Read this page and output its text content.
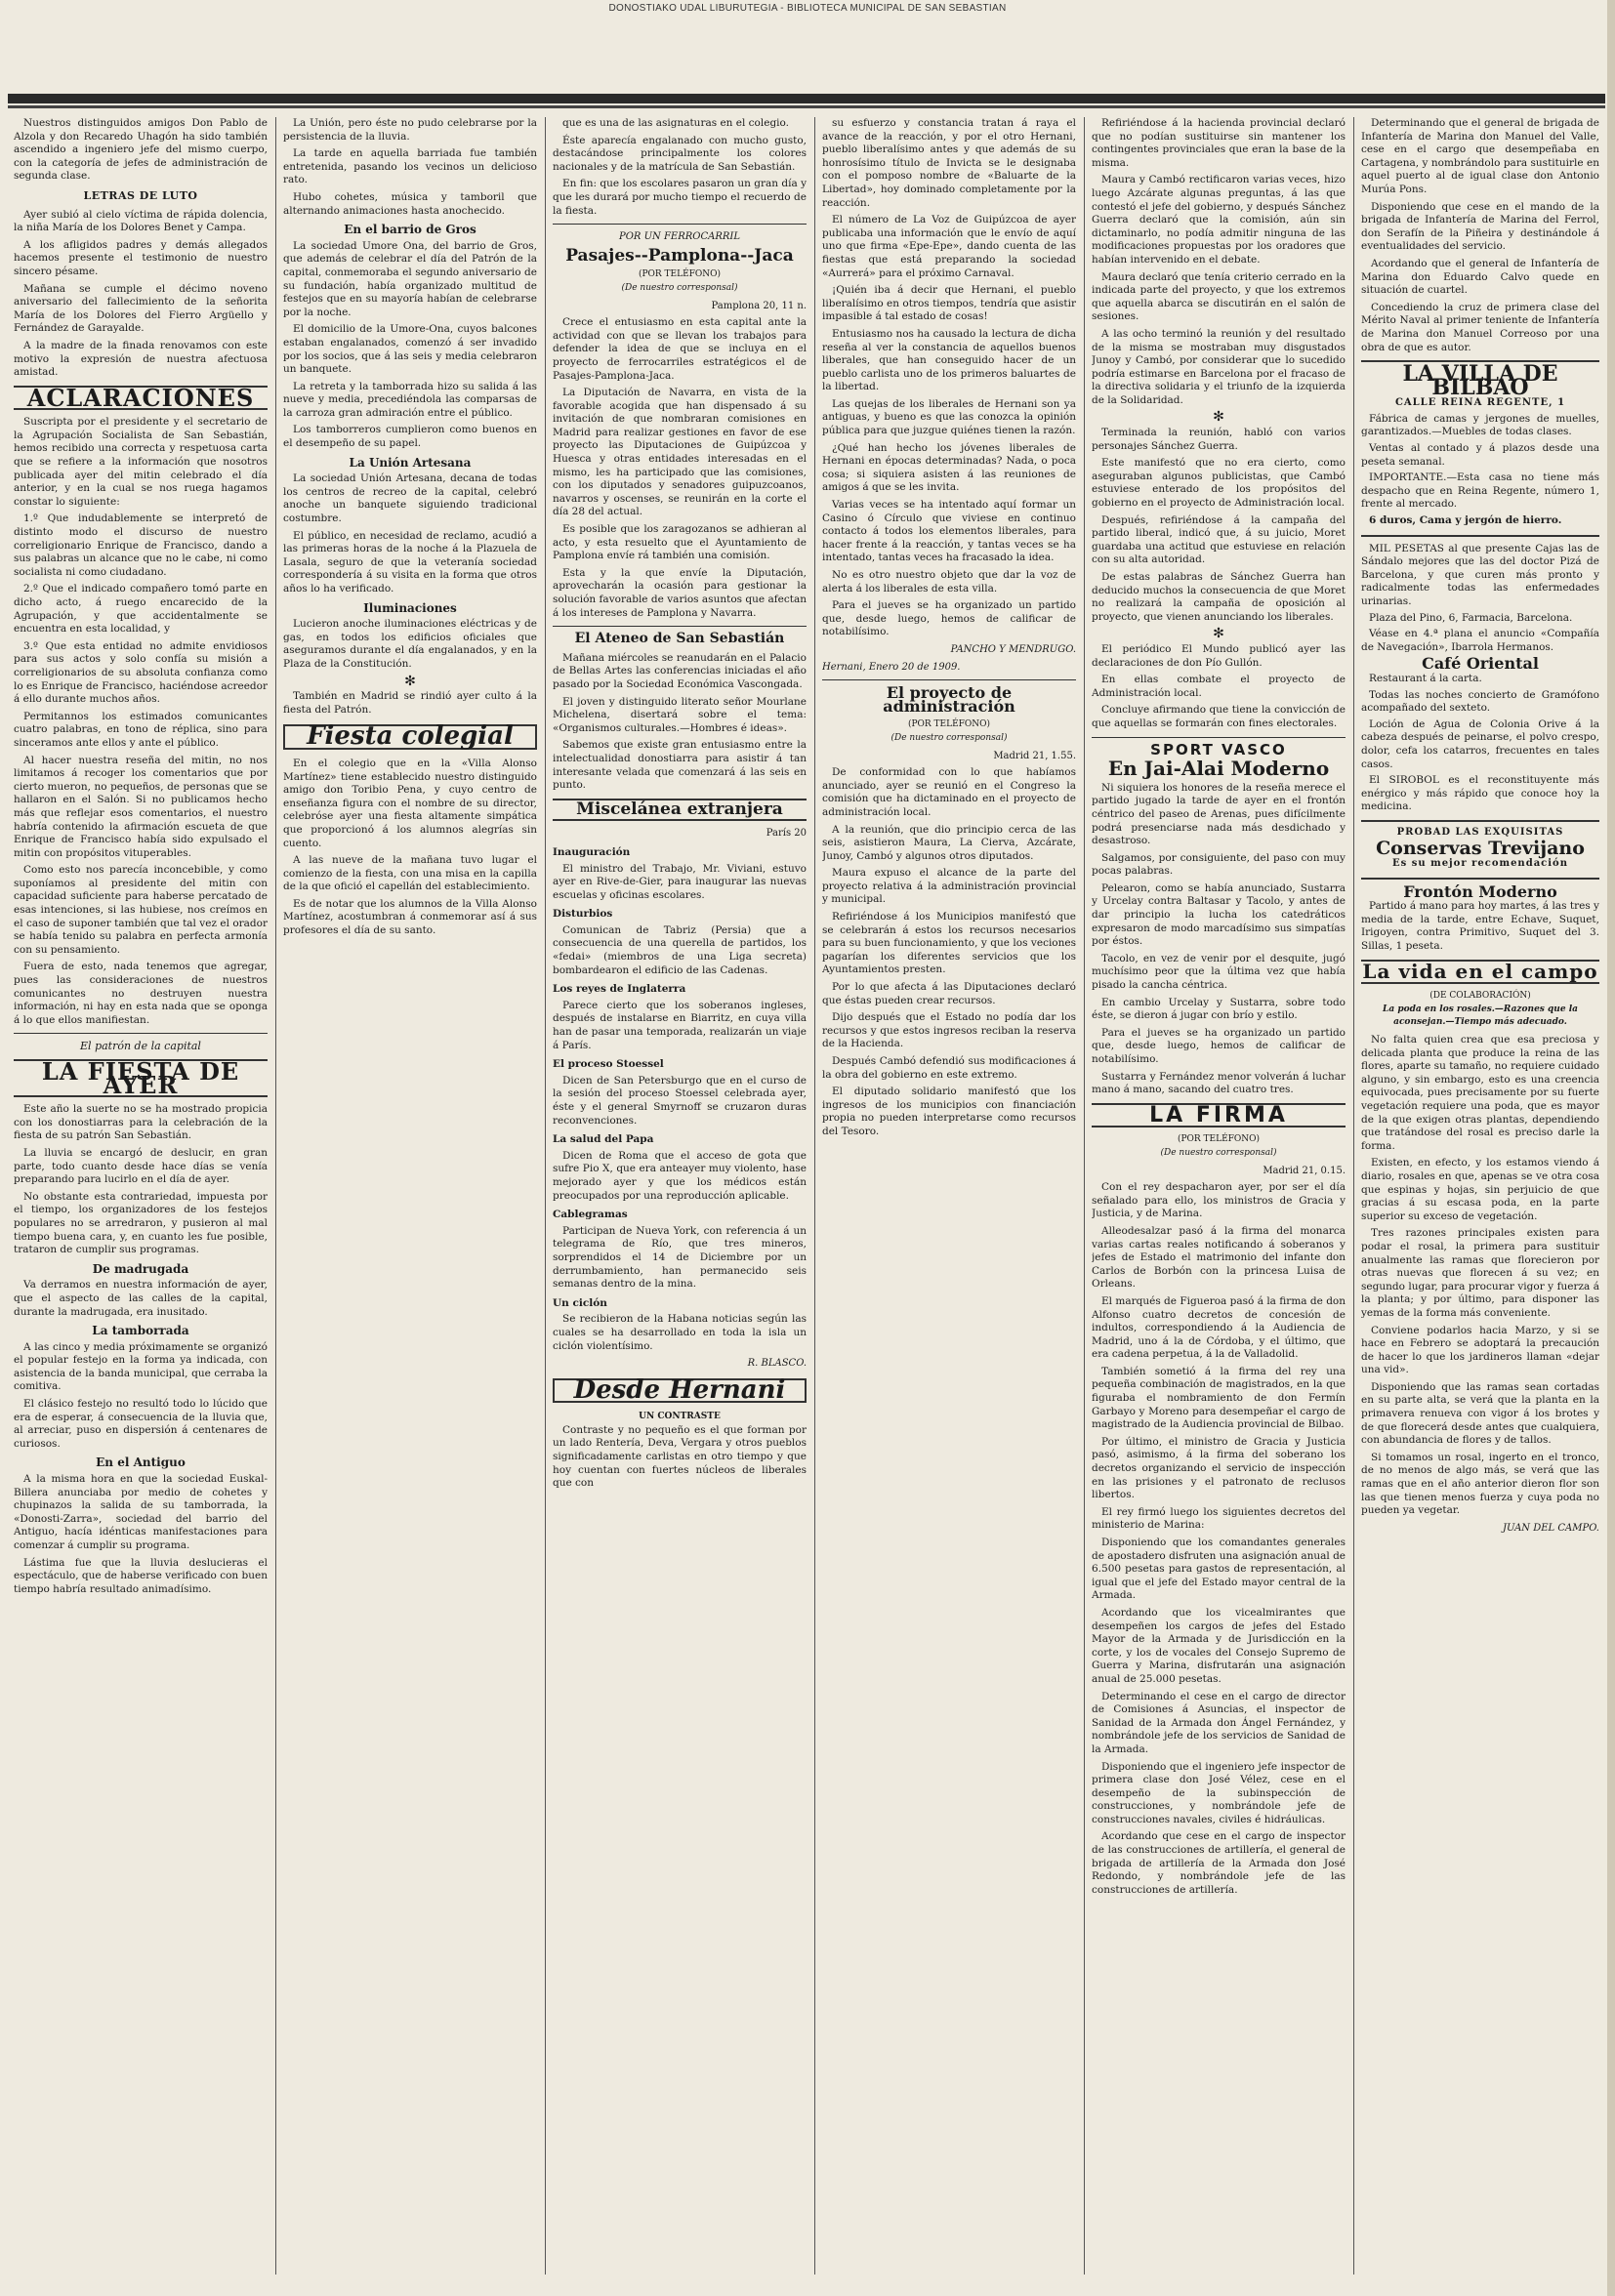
DONOSTIAKO UDAL LIBURUTEGIA - BIBLIOTECA MUNICIPAL DE SAN SEBASTIAN

Nuestros distinguidos amigos Don Pablo de Alzola y don Recaredo Uhagón ha sido también ascendido a ingeniero jefe del mismo cuerpo, con la categoría de jefes de administración de segunda clase.

LETRAS DE LUTO

Ayer subió al cielo víctima de rápida dolencia, la niña María de los Dolores Benet y Campa.

A los afligidos padres y demás allegados hacemos presente el testimonio de nuestro sincero pésame.

Mañana se cumple el décimo noveno aniversario del fallecimiento de la señorita María de los Dolores del Fierro Argüello y Fernández de Garayalde.

A la madre de la finada renovamos con este motivo la expresión de nuestra afectuosa amistad.

ACLARACIONES

Suscripta por el presidente y el secretario de la Agrupación Socialista de San Sebastián, hemos recibido una correcta y respetuosa carta que se refiere a la información que nosotros publicada ayer del mitin celebrado el día anterior, y en la cual se nos ruega hagamos constar lo siguiente:

1.º Que indudablemente se interpretó de distinto modo el discurso de nuestro correligionario Enrique de Francisco, dando a sus palabras un alcance que no le cabe, ni como socialista ni como ciudadano.

2.º Que el indicado compañero tomó parte en dicho acto, á ruego encarecido de la Agrupación, y que accidentalmente se encuentra en esta localidad, y

3.º Que esta entidad no admite envidiosos para sus actos y solo confía su misión a correligionarios de su absoluta confianza como lo es Enrique de Francisco, haciéndose acreedor á ello durante muchos años.

Permitannos los estimados comunicantes cuatro palabras, en tono de réplica, sino para sinceramos ante ellos y ante el público.

Al hacer nuestra reseña del mitin, no nos limitamos á recoger los comentarios que por cierto mueron, no pequeños, de personas que se hallaron en el Salón. Si no publicamos hecho más que reflejar esos comentarios, el nuestro habría contenido la afirmación escueta de que Enrique de Francisco había sido expulsado el mitin con propósitos vituperables.

Como esto nos parecía inconcebible, y como suponíamos al presidente del mitin con capacidad suficiente para haberse percatado de esas intenciones, si las hubiese, nos creímos en el caso de suponer también que tal vez el orador se había tenido su palabra en perfecta armonía con su pensamiento.

Fuera de esto, nada tenemos que agregar, pues las consideraciones de nuestros comunicantes no destruyen nuestra información, ni hay en esta nada que se oponga á lo que ellos manifiestan.

El patrón de la capital
LA FIESTA DE AYER

Este año la suerte no se ha mostrado propicia con los donostiarras para la celebración de la fiesta de su patrón San Sebastián.

La lluvia se encargó de deslucir, en gran parte, todo cuanto desde hace días se venía preparando para lucirlo en el día de ayer.

No obstante esta contrariedad, impuesta por el tiempo, los organizadores de los festejos populares no se arredraron, y pusieron al mal tiempo buena cara, y, en cuanto les fue posible, trataron de cumplir sus programas.

De madrugada

Va derramos en nuestra información de ayer, que el aspecto de las calles de la capital, durante la madrugada, era inusitado.

La tamborrada

A las cinco y media próximamente se organizó el popular festejo en la forma ya indicada, con asistencia de la banda municipal, que cerraba la comitiva.

El clásico festejo no resultó todo lo lúcido que era de esperar, á consecuencia de la lluvia que, al arreciar, puso en dispersión á centenares de curiosos.

En el Antiguo

A la misma hora en que la sociedad Euskal-Billera anunciaba por medio de cohetes y chupinazos la salida de su tamborrada, la «Donosti-Zarra», sociedad del barrio del Antiguo, hacía idénticas manifestaciones para comenzar á cumplir su programa.

Lástima fue que la lluvia deslucieras el espectáculo, que de haberse verificado con buen tiempo habría resultado animadísimo.

La Unión, pero éste no pudo celebrarse por la persistencia de la lluvia.

La tarde en aquella barriada fue también entretenida, pasando los vecinos un delicioso rato.

Hubo cohetes, música y tamboril que alternando animaciones hasta anochecido.

En el barrio de Gros

La sociedad Umore Ona, del barrio de Gros, que además de celebrar el día del Patrón de la capital, conmemoraba el segundo aniversario de su fundación, había organizado multitud de festejos que en su mayoría habían de celebrarse por la noche.

El domicilio de la Umore-Ona, cuyos balcones estaban engalanados, comenzó á ser invadido por los socios, que á las seis y media celebraron un banquete.

La retreta y la tamborrada hizo su salida á las nueve y media, precediéndola las comparsas de la carroza gran admiración entre el público.

Los tamborreros cumplieron como buenos en el desempeño de su papel.

La Unión Artesana

La sociedad Unión Artesana, decana de todas los centros de recreo de la capital, celebró anoche un banquete siguiendo tradicional costumbre.

El público, en necesidad de reclamo, acudió a las primeras horas de la noche á la Plazuela de Lasala, seguro de que la veteranía sociedad correspondería á su visita en la forma que otros años lo ha verificado.

Iluminaciones

Lucieron anoche iluminaciones eléctricas y de gas, en todos los edificios oficiales que aseguramos durante el día engalanados, y en la Plaza de la Constitución.

✻

También en Madrid se rindió ayer culto á la fiesta del Patrón.

Fiesta colegial

En el colegio que en la «Villa Alonso Martínez» tiene establecido nuestro distinguido amigo don Toribio Pena, y cuyo centro de enseñanza figura con el nombre de su director, celebróse ayer una fiesta altamente simpática que proporcionó á los alumnos alegrías sin cuento.

A las nueve de la mañana tuvo lugar el comienzo de la fiesta, con una misa en la capilla de la que ofició el capellán del establecimiento.

Es de notar que los alumnos de la Villa Alonso Martínez, acostumbran á conmemorar así á sus profesores el día de su santo.

que es una de las asignaturas en el colegio.

Éste aparecía engalanado con mucho gusto, destacándose principalmente los colores nacionales y de la matrícula de San Sebastián.

En fin: que los escolares pasaron un gran día y que les durará por mucho tiempo el recuerdo de la fiesta.

POR UN FERROCARRIL
Pasajes--Pamplona--Jaca
(POR TELÉFONO)
(De nuestro corresponsal)
Pamplona 20, 11 n.

Crece el entusiasmo en esta capital ante la actividad con que se llevan los trabajos para defender la idea de que se incluya en el proyecto de ferrocarriles estratégicos el de Pasajes-Pamplona-Jaca.

La Diputación de Navarra, en vista de la favorable acogida que han dispensado á su invitación de que nombraran comisiones en Madrid para realizar gestiones en favor de ese proyecto las Diputaciones de Guipúzcoa y Huesca y otras entidades interesadas en el mismo, les ha participado que las comisiones, con los diputados y senadores guipuzcoanos, navarros y oscenses, se reunirán en la corte el día 28 del actual.

Es posible que los zaragozanos se adhieran al acto, y esta resuelto que el Ayuntamiento de Pamplona envíe rá también una comisión.

Esta y la que envíe la Diputación, aprovecharán la ocasión para gestionar la solución favorable de varios asuntos que afectan á los intereses de Pamplona y Navarra.

El Ateneo de San Sebastián

Mañana miércoles se reanudarán en el Palacio de Bellas Artes las conferencias iniciadas el año pasado por la Sociedad Económica Vascongada.

El joven y distinguido literato señor Mourlane Michelena, disertará sobre el tema: «Organismos culturales.—Hombres é ideas».

Sabemos que existe gran entusiasmo entre la intelectualidad donostiarra para asistir á tan interesante velada que comenzará á las seis en punto.

Miscelánea extranjera
París 20
Inauguración

El ministro del Trabajo, Mr. Viviani, estuvo ayer en Rive-de-Gier, para inaugurar las nuevas escuelas y oficinas escolares.

Disturbios

Comunican de Tabriz (Persia) que a consecuencia de una querella de partidos, los «fedai» (miembros de una Liga secreta) bombardearon el edificio de las Cadenas.

Los reyes de Inglaterra

Parece cierto que los soberanos ingleses, después de instalarse en Biarritz, en cuya villa han de pasar una temporada, realizarán un viaje á París.

El proceso Stoessel

Dicen de San Petersburgo que en el curso de la sesión del proceso Stoessel celebrada ayer, éste y el general Smyrnoff se cruzaron duras reconvenciones.

La salud del Papa

Dicen de Roma que el acceso de gota que sufre Pio X, que era anteayer muy violento, hase mejorado ayer y que los médicos están preocupados por una reproducción aplicable.

Cablegramas

Participan de Nueva York, con referencia á un telegrama de Río, que tres mineros, sorprendidos el 14 de Diciembre por un derrumbamiento, han permanecido seis semanas dentro de la mina.

Un ciclón

Se recibieron de la Habana noticias según las cuales se ha desarrollado en toda la isla un ciclón violentísimo.

R. BLASCO.
Desde Hernani
UN CONTRASTE

Contraste y no pequeño es el que forman por un lado Rentería, Deva, Vergara y otros pueblos significadamente carlistas en otro tiempo y que hoy cuentan con fuertes núcleos de liberales que con

su esfuerzo y constancia tratan á raya el avance de la reacción, y por el otro Hernani, pueblo liberalísimo antes y que además de su honrosísimo título de Invicta se le designaba con el pomposo nombre de «Baluarte de la Libertad», hoy dominado completamente por la reacción.

El número de La Voz de Guipúzcoa de ayer publicaba una información que le envío de aquí uno que firma «Epe-Epe», dando cuenta de las fiestas que está preparando la sociedad «Aurrerá» para el próximo Carnaval.

¡Quién iba á decir que Hernani, el pueblo liberalísimo en otros tiempos, tendría que asistir impasible á tal estado de cosas!

Entusiasmo nos ha causado la lectura de dicha reseña al ver la constancia de aquellos buenos liberales, que han conseguido hacer de un pueblo carlista uno de los primeros baluartes de la libertad.

Las quejas de los liberales de Hernani son ya antiguas, y bueno es que las conozca la opinión pública para que juzgue quiénes tienen la razón.

¿Qué han hecho los jóvenes liberales de Hernani en épocas determinadas? Nada, o poca cosa; si siquiera asisten á las reuniones de amigos á que se les invita.

Varias veces se ha intentado aquí formar un Casino ó Círculo que viviese en continuo contacto á todos los elementos liberales, para hacer frente á la reacción, y tantas veces se ha intentado, tantas veces ha fracasado la idea.

No es otro nuestro objeto que dar la voz de alerta á los liberales de esta villa.

Para el jueves se ha organizado un partido que, desde luego, hemos de calificar de notabilísimo.

PANCHO Y MENDRUGO.
Hernani, Enero 20 de 1909.
El proyecto de administración
(POR TELÉFONO)
(De nuestro corresponsal)
Madrid 21, 1.55.

De conformidad con lo que habíamos anunciado, ayer se reunió en el Congreso la comisión que ha dictaminado en el proyecto de administración local.

A la reunión, que dio principio cerca de las seis, asistieron Maura, La Cierva, Azcárate, Junoy, Cambó y algunos otros diputados.

Maura expuso el alcance de la parte del proyecto relativa á la administración provincial y municipal.

Refiriéndose á los Municipios manifestó que se celebrarán á estos los recursos necesarios para su buen funcionamiento, y que los veciones pagarían los diferentes servicios que los Ayuntamientos presten.

Por lo que afecta á las Diputaciones declaró que éstas pueden crear recursos.

Dijo después que el Estado no podía dar los recursos y que estos ingresos reciban la reserva de la Hacienda.

Después Cambó defendió sus modificaciones á la obra del gobierno en este extremo.

El diputado solidario manifestó que los ingresos de los municipios con financiación propia no pueden interpretarse como recursos del Tesoro.

Refiriéndose á la hacienda provincial declaró que no podían sustituirse sin mantener los contingentes provinciales que eran la base de la misma.

Maura y Cambó rectificaron varias veces, hizo luego Azcárate algunas preguntas, á las que contestó el jefe del gobierno, y después Sánchez Guerra declaró que la comisión, aún sin dictaminarlo, no podía admitir ninguna de las modificaciones propuestas por los oradores que habían intervenido en el debate.

Maura declaró que tenía criterio cerrado en la indicada parte del proyecto, y que los extremos que aquella abarca se discutirán en el salón de sesiones.

A las ocho terminó la reunión y del resultado de la misma se mostraban muy disgustados Junoy y Cambó, por considerar que lo sucedido podría estimarse en Barcelona por el fracaso de la directiva solidaria y el triunfo de la izquierda de la Solidaridad.

✻

Terminada la reunión, habló con varios personajes Sánchez Guerra.

Este manifestó que no era cierto, como aseguraban algunos publicistas, que Cambó estuviese enterado de los propósitos del gobierno en el proyecto de Administración local.

Después, refiriéndose á la campaña del partido liberal, indicó que, á su juicio, Moret guardaba una actitud que estuviese en relación con su alta autoridad.

De estas palabras de Sánchez Guerra han deducido muchos la consecuencia de que Moret no realizará la campaña de oposición al proyecto, que vienen anunciando los liberales.

✻

El periódico El Mundo publicó ayer las declaraciones de don Pío Gullón.

En ellas combate el proyecto de Administración local.

Concluye afirmando que tiene la convicción de que aquellas se formarán con fines electorales.

SPORT VASCO
En Jai-Alai Moderno

Ni siquiera los honores de la reseña merece el partido jugado la tarde de ayer en el frontón céntrico del paseo de Arenas, pues difícilmente podrá presenciarse nada más desdichado y desastroso.

Salgamos, por consiguiente, del paso con muy pocas palabras.

Pelearon, como se había anunciado, Sustarra y Urcelay contra Baltasar y Tacolo, y antes de dar principio la lucha los catedráticos expresaron de modo marcadísimo sus simpatías por éstos.

Tacolo, en vez de venir por el desquite, jugó muchísimo peor que la última vez que había pisado la cancha céntrica.

En cambio Urcelay y Sustarra, sobre todo éste, se dieron á jugar con brío y estilo.

Para el jueves se ha organizado un partido que, desde luego, hemos de calificar de notabilísimo.

Sustarra y Fernández menor volverán á luchar mano á mano, sacando del cuatro tres.

LA FIRMA
(POR TELÉFONO)
(De nuestro corresponsal)
Madrid 21, 0.15.

Con el rey despacharon ayer, por ser el día señalado para ello, los ministros de Gracia y Justicia, y de Marina.

Alleodesalzar pasó á la firma del monarca varias cartas reales notificando á soberanos y jefes de Estado el matrimonio del infante don Carlos de Borbón con la princesa Luisa de Orleans.

El marqués de Figueroa pasó á la firma de don Alfonso cuatro decretos de concesión de indultos, correspondiendo á la Audiencia de Madrid, uno á la de Córdoba, y el último, que era cadena perpetua, á la de Valladolid.

También sometió á la firma del rey una pequeña combinación de magistrados, en la que figuraba el nombramiento de don Fermín Garbayo y Moreno para desempeñar el cargo de magistrado de la Audiencia provincial de Bilbao.

Por último, el ministro de Gracia y Justicia pasó, asimismo, á la firma del soberano los decretos organizando el servicio de inspección en las prisiones y el patronato de reclusos libertos.

El rey firmó luego los siguientes decretos del ministerio de Marina:

Disponiendo que los comandantes generales de apostadero disfruten una asignación anual de 6.500 pesetas para gastos de representación, al igual que el jefe del Estado mayor central de la Armada.

Acordando que los vicealmirantes que desempeñen los cargos de jefes del Estado Mayor de la Armada y de Jurisdicción en la corte, y los de vocales del Consejo Supremo de Guerra y Marina, disfrutarán una asignación anual de 25.000 pesetas.

Determinando el cese en el cargo de director de Comisiones á Asuncias, el inspector de Sanidad de la Armada don Ángel Fernández, y nombrándole jefe de los servicios de Sanidad de la Armada.

Disponiendo que el ingeniero jefe inspector de primera clase don José Vélez, cese en el desempeño de la subinspección de construcciones, y nombrándole jefe de construcciones navales, civiles é hidráulicas.

Acordando que cese en el cargo de inspector de las construcciones de artillería, el general de brigada de artillería de la Armada don José Redondo, y nombrándole jefe de las construcciones de artillería.

Determinando que el general de brigada de Infantería de Marina don Manuel del Valle, cese en el cargo que desempeñaba en Cartagena, y nombrándolo para sustituirle en aquel puerto al de igual clase don Antonio Murúa Pons.

Disponiendo que cese en el mando de la brigada de Infantería de Marina del Ferrol, don Serafín de la Piñeira y destinándole á eventualidades del servicio.

Acordando que el general de Infantería de Marina don Eduardo Calvo quede en situación de cuartel.

Concediendo la cruz de primera clase del Mérito Naval al primer teniente de Infantería de Marina don Manuel Correoso por una obra de que es autor.

LA VILLA DE BILBAO
CALLE REINA REGENTE, 1
Fábrica de camas y jergones de muelles, garantizados.—Muebles de todas clases.
Ventas al contado y á plazos desde una peseta semanal.
IMPORTANTE.—Esta casa no tiene más despacho que en Reina Regente, número 1, frente al mercado.
6 duros, Cama y jergón de hierro.
MIL PESETAS al que presente Cajas las de Sándalo mejores que las del doctor Pizá de Barcelona, y que curen más pronto y radicalmente todas las enfermedades urinarias.
Plaza del Pino, 6, Farmacia, Barcelona.
Véase en 4.ª plana el anuncio «Compañía de Navegación», Ibarrola Hermanos.
Café Oriental
Restaurant á la carta.
Todas las noches concierto de Gramófono acompañado del sexteto.
Loción de Agua de Colonia Orive á la cabeza después de peinarse, el polvo crespo, dolor, cefa los catarros, frecuentes en tales casos.
El SIROBOL es el reconstituyente más enérgico y más rápido que conoce hoy la medicina.
PROBAD LAS EXQUISITAS
Conservas Trevijano
Es su mejor recomendación
Frontón Moderno
Partido á mano para hoy martes, á las tres y media de la tarde, entre Echave, Suquet, Irigoyen, contra Primitivo, Suquet del 3. Sillas, 1 peseta.
La vida en el campo
(DE COLABORACIÓN)
La poda en los rosales.—Razones que la aconsejan.—Tiempo más adecuado.

No falta quien crea que esa preciosa y delicada planta que produce la reina de las flores, aparte su tamaño, no requiere cuidado alguno, y sin embargo, esto es una creencia equivocada, pues precisamente por su fuerte vegetación requiere una poda, que es mayor de la que exigen otras plantas, dependiendo que tratándose del rosal es preciso darle la forma.

Existen, en efecto, y los estamos viendo á diario, rosales en que, apenas se ve otra cosa que espinas y hojas, sin perjuicio de que gracias á su escasa poda, en la parte superior su exceso de vegetación.

Tres razones principales existen para podar el rosal, la primera para sustituir anualmente las ramas que florecieron por otras nuevas que florecen á su vez; en segundo lugar, para procurar vigor y fuerza á la planta; y por último, para disponer las yemas de la forma más conveniente.

Conviene podarlos hacia Marzo, y si se hace en Febrero se adoptará la precaución de hacer lo que los jardineros llaman «dejar una vid».

Disponiendo que las ramas sean cortadas en su parte alta, se verá que la planta en la primavera renueva con vigor á los brotes y de que florecerá desde antes que cualquiera, con abundancia de flores y de tallos.

Si tomamos un rosal, ingerto en el tronco, de no menos de algo más, se verá que las ramas que en el año anterior dieron flor son las que tienen menos fuerza y cuya poda no pueden ya vegetar.

JUAN DEL CAMPO.
